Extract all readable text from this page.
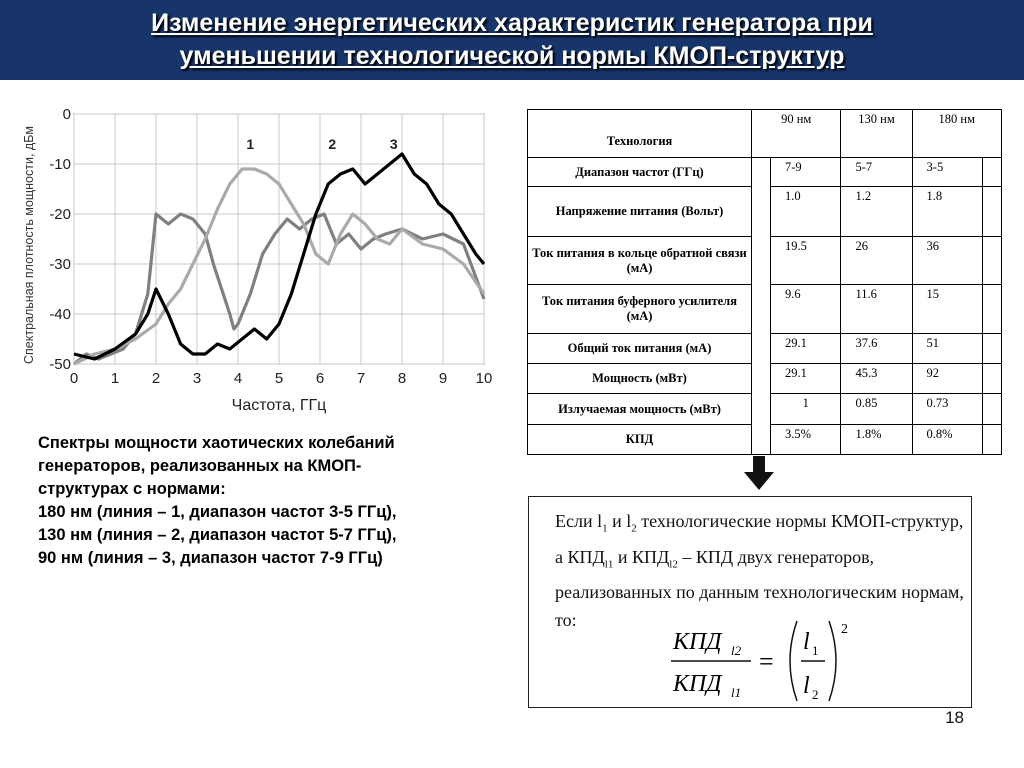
Изменение энергетических характеристик генератора при
уменьшении технологической нормы КМОП-структур
0 1 2 3 4 5 6 7 8 9 10
0
-10
-20
-30
-40
-50
Частота, ГГц
Спектральная плотность мощности, дБм	1	2	3
Спектры мощности хаотических колебаний
генераторов, реализованных на КМОП-
структурах с нормами:
180 нм (линия – 1, диапазон частот 3-5 ГГц),
130 нм (линия – 2, диапазон частот 5-7 ГГц),
90 нм (линия – 3, диапазон частот 7-9 ГГц)
Технология	90 нм		130 нм	180 нм	
Диапазон частот (ГГц)		7-9	5-7	3-5	
Напряжение питания (Вольт)		1.0	1.2	1.8	
Ток питания в кольце обратной связи (мА)		19.5	26	36	
Ток питания буферного усилителя (мА)		9.6	11.6	15	
Общий ток питания (мА)		29.1	37.6	51	
Мощность (мВт)		29.1	45.3	92	
Излучаемая мощность (мВт)		1	0.85	0.73	
КПД		3.5%	1.8%	0.8%	
Если $l_1$ и $l_2$ технологические нормы КМОП-структур, а $КПД_{l1}$ и $КПД_{l2}$ – КПД двух генераторов, реализованных по данным технологическим нормам, то:
КПД l2
КПД l1
=
l 1
l 2
2
18
